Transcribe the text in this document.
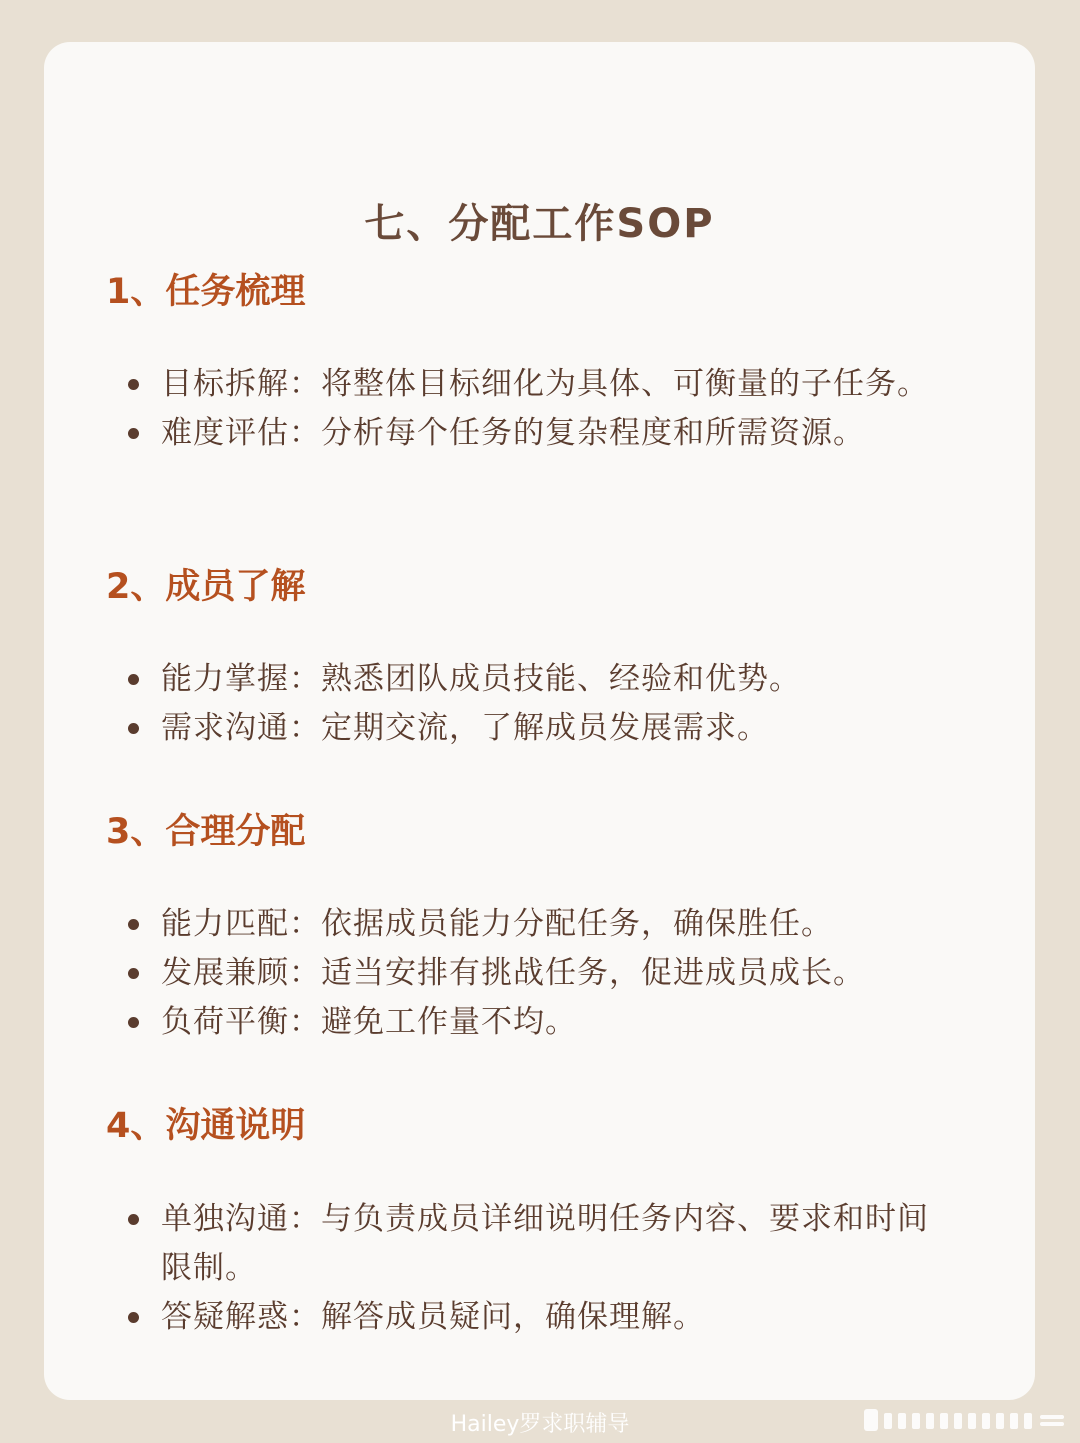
七、分配工作SOP
1、任务梳理
目标拆解：将整体目标细化为具体、可衡量的子任务。
难度评估：分析每个任务的复杂程度和所需资源。
2、成员了解
能力掌握：熟悉团队成员技能、经验和优势。
需求沟通：定期交流，了解成员发展需求。
3、合理分配
能力匹配：依据成员能力分配任务，确保胜任。
发展兼顾：适当安排有挑战任务，促进成员成长。
负荷平衡：避免工作量不均。
4、沟通说明
单独沟通：与负责成员详细说明任务内容、要求和时间限制。
答疑解惑：解答成员疑问，确保理解。
Hailey罗求职辅导
